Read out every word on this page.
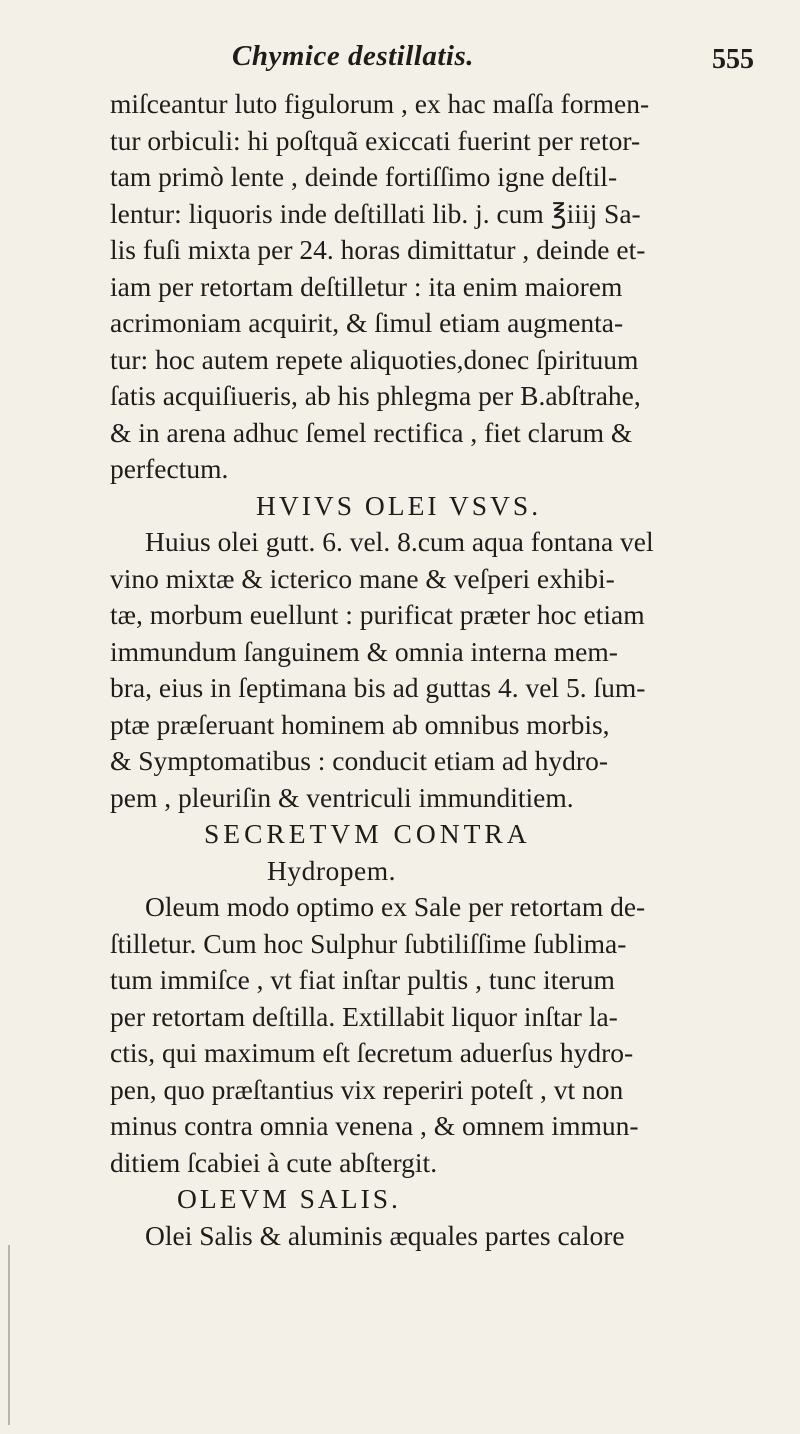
Chymice destillatis.	555
miſceantur luto figulorum , ex hac maſſa formen-
tur orbiculi: hi poſtquã exiccati fuerint per retor-
tam primò lente , deinde fortiſſimo igne deſtil-
lentur: liquoris inde deſtillati lib. j. cum ℥iiij Sa-
lis fuſi mixta per 24. horas dimittatur , deinde et-
iam per retortam deſtilletur : ita enim maiorem
acrimoniam acquirit, & ſimul etiam augmenta-
tur: hoc autem repete aliquoties,donec ſpirituum
ſatis acquiſiueris, ab his phlegma per B.abſtrahe,
& in arena adhuc ſemel rectifica , fiet clarum &
perfectum.
HVIVS OLEI VSVS.
Huius olei gutt. 6. vel. 8.cum aqua fontana vel
vino mixtæ & icterico mane & veſperi exhibi-
tæ, morbum euellunt : purificat præter hoc etiam
immundum ſanguinem & omnia interna mem-
bra, eius in ſeptimana bis ad guttas 4. vel 5. ſum-
ptæ præſeruant hominem ab omnibus morbis,
& Symptomatibus : conducit etiam ad hydro-
pem , pleuriſin & ventriculi immunditiem.
SECRETVM CONTRA
Hydropem.
Oleum modo optimo ex Sale per retortam de-
ſtilletur. Cum hoc Sulphur ſubtiliſſime ſublima-
tum immiſce , vt fiat inſtar pultis , tunc iterum
per retortam deſtilla. Extillabit liquor inſtar la-
ctis, qui maximum eſt ſecretum aduerſus hydro-
pen, quo præſtantius vix reperiri poteſt , vt non
minus contra omnia venena , & omnem immun-
ditiem ſcabiei à cute abſtergit.
OLEVM SALIS.
Olei Salis & aluminis æquales partes calore
